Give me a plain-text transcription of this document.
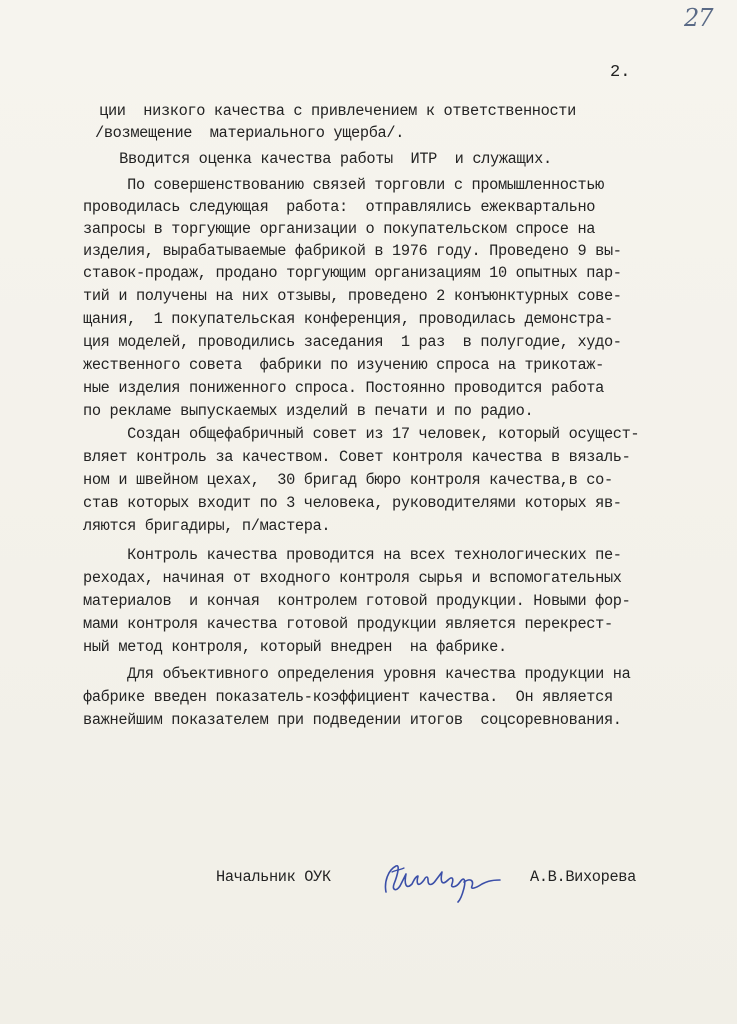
27
2.
ции  низкого качества с привлечением к ответственности
/возмещение  материального ущерба/.
Вводится оценка качества работы  ИТР  и служащих.
По совершенствованию связей торговли с промышленностью
проводилась следующая  работа:  отправлялись ежеквартально
запросы в торгующие организации о покупательском спросе на
изделия, вырабатываемые фабрикой в 1976 году. Проведено 9 вы-
ставок-продаж, продано торгующим организациям 10 опытных пар-
тий и получены на них отзывы, проведено 2 конъюнктурных сове-
щания,  1 покупательская конференция, проводилась демонстра-
ция моделей, проводились заседания  1 раз  в полугодие, худо-
жественного совета  фабрики по изучению спроса на трикотаж-
ные изделия пониженного спроса. Постоянно проводится работа
по рекламе выпускаемых изделий в печати и по радио.
Создан общефабричный совет из 17 человек, который осущест-
вляет контроль за качеством. Совет контроля качества в вязаль-
ном и швейном цехах,  30 бригад бюро контроля качества,в со-
став которых входит по 3 человека, руководителями которых яв-
ляются бригадиры, п/мастера.
Контроль качества проводится на всех технологических пе-
реходах, начиная от входного контроля сырья и вспомогательных
материалов  и кончая  контролем готовой продукции. Новыми фор-
мами контроля качества готовой продукции является перекрест-
ный метод контроля, который внедрен  на фабрике.
Для объективного определения уровня качества продукции на
фабрике введен показатель-коэффициент качества.  Он является
важнейшим показателем при подведении итогов  соцсоревнования.
Начальник ОУК	А.В.Вихорева
